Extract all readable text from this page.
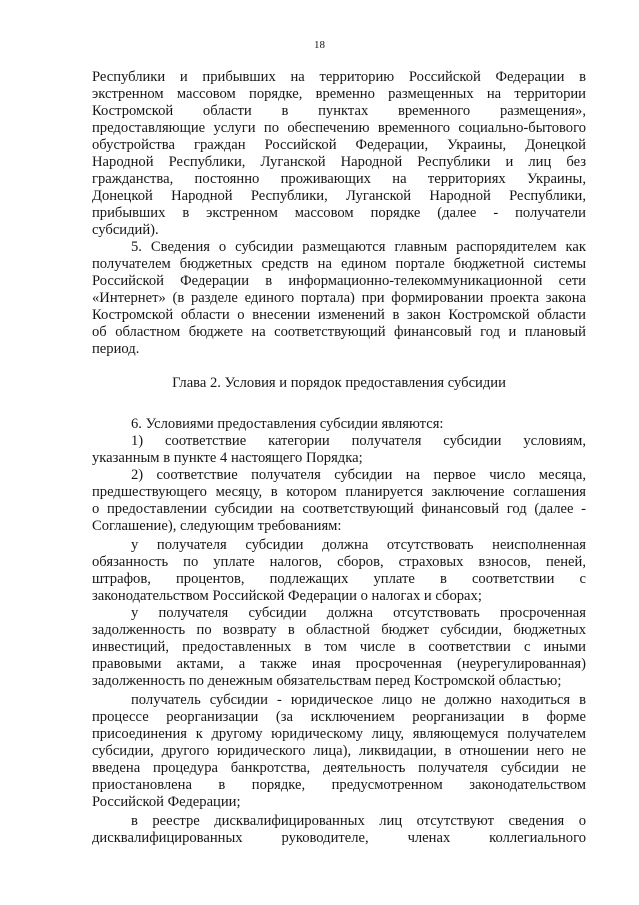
18
Республики и прибывших на территорию Российской Федерации в
экстренном массовом порядке, временно размещенных на территории
Костромской области в пунктах временного размещения»,
предоставляющие услуги по обеспечению временного социально-бытового
обустройства граждан Российской Федерации, Украины, Донецкой
Народной Республики, Луганской Народной Республики и лиц без
гражданства, постоянно проживающих на территориях Украины,
Донецкой Народной Республики, Луганской Народной Республики,
прибывших в экстренном массовом порядке (далее - получатели
субсидий).
5. Сведения о субсидии размещаются главным распорядителем как
получателем бюджетных средств на едином портале бюджетной системы
Российской Федерации в информационно-телекоммуникационной сети
«Интернет» (в разделе единого портала) при формировании проекта закона
Костромской области о внесении изменений в закон Костромской области
об областном бюджете на соответствующий финансовый год и плановый
период.
Глава 2. Условия и порядок предоставления субсидии
6. Условиями предоставления субсидии являются:
1) соответствие категории получателя субсидии условиям,
указанным в пункте 4 настоящего Порядка;
2) соответствие получателя субсидии на первое число месяца,
предшествующего месяцу, в котором планируется заключение соглашения
о предоставлении субсидии на соответствующий финансовый год (далее -
Соглашение), следующим требованиям:
у получателя субсидии должна отсутствовать неисполненная
обязанность по уплате налогов, сборов, страховых взносов, пеней,
штрафов, процентов, подлежащих уплате в соответствии с
законодательством Российской Федерации о налогах и сборах;
у получателя субсидии должна отсутствовать просроченная
задолженность по возврату в областной бюджет субсидии, бюджетных
инвестиций, предоставленных в том числе в соответствии с иными
правовыми актами, а также иная просроченная (неурегулированная)
задолженность по денежным обязательствам перед Костромской областью;
получатель субсидии - юридическое лицо не должно находиться в
процессе реорганизации (за исключением реорганизации в форме
присоединения к другому юридическому лицу, являющемуся получателем
субсидии, другого юридического лица), ликвидации, в отношении него не
введена процедура банкротства, деятельность получателя субсидии не
приостановлена в порядке, предусмотренном законодательством
Российской Федерации;
в реестре дисквалифицированных лиц отсутствуют сведения о
дисквалифицированных руководителе, членах коллегиального
